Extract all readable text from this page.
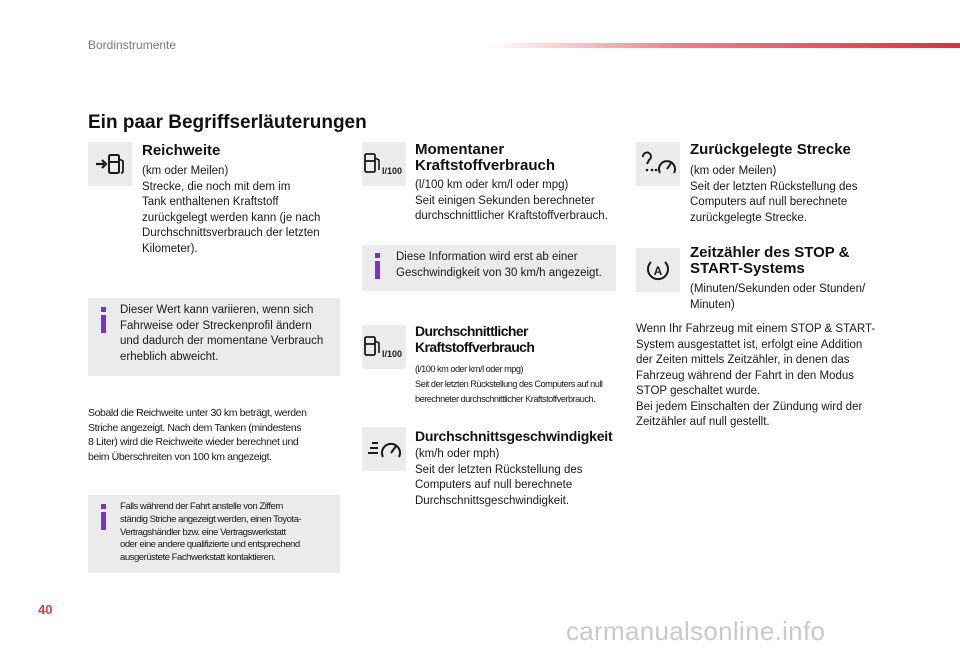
Bordinstrumente
Ein paar Begriffserläuterungen
Reichweite
(km oder Meilen)
Strecke, die noch mit dem im
Tank enthaltenen Kraftstoff
zurückgelegt werden kann (je nach
Durchschnittsverbrauch der letzten
Kilometer).
Dieser Wert kann variieren, wenn sich
Fahrweise oder Streckenprofil ändern
und dadurch der momentane Verbrauch
erheblich abweicht.
Sobald die Reichweite unter 30 km beträgt, werden
Striche angezeigt. Nach dem Tanken (mindestens
8 Liter) wird die Reichweite wieder berechnet und
beim Überschreiten von 100 km angezeigt.
Falls während der Fahrt anstelle von Ziffern
ständig Striche angezeigt werden, einen Toyota-
Vertragshändler bzw. eine Vertragswerkstatt
oder eine andere qualifizierte und entsprechend
ausgerüstete Fachwerkstatt kontaktieren.
l/100
Momentaner
Kraftstoffverbrauch
(l/100 km oder km/l oder mpg)
Seit einigen Sekunden berechneter
durchschnittlicher Kraftstoffverbrauch.
Diese Information wird erst ab einer
Geschwindigkeit von 30 km/h angezeigt.
l/100
Durchschnittlicher
Kraftstoffverbrauch
(l/100 km oder km/l oder mpg)
Seit der letzten Rückstellung des Computers auf null
berechneter durchschnittlicher Kraftstoffverbrauch.
Durchschnittsgeschwindigkeit
(km/h oder mph)
Seit der letzten Rückstellung des
Computers auf null berechnete
Durchschnittsgeschwindigkeit.
Zurückgelegte Strecke
(km oder Meilen)
Seit der letzten Rückstellung des
Computers auf null berechnete
zurückgelegte Strecke.
A
Zeitzähler des STOP &
START-Systems
(Minuten/Sekunden oder Stunden/
Minuten)
Wenn Ihr Fahrzeug mit einem STOP & START-
System ausgestattet ist, erfolgt eine Addition
der Zeiten mittels Zeitzähler, in denen das
Fahrzeug während der Fahrt in den Modus
STOP geschaltet wurde.
Bei jedem Einschalten der Zündung wird der
Zeitzähler auf null gestellt.
40
carmanualsonline.info
